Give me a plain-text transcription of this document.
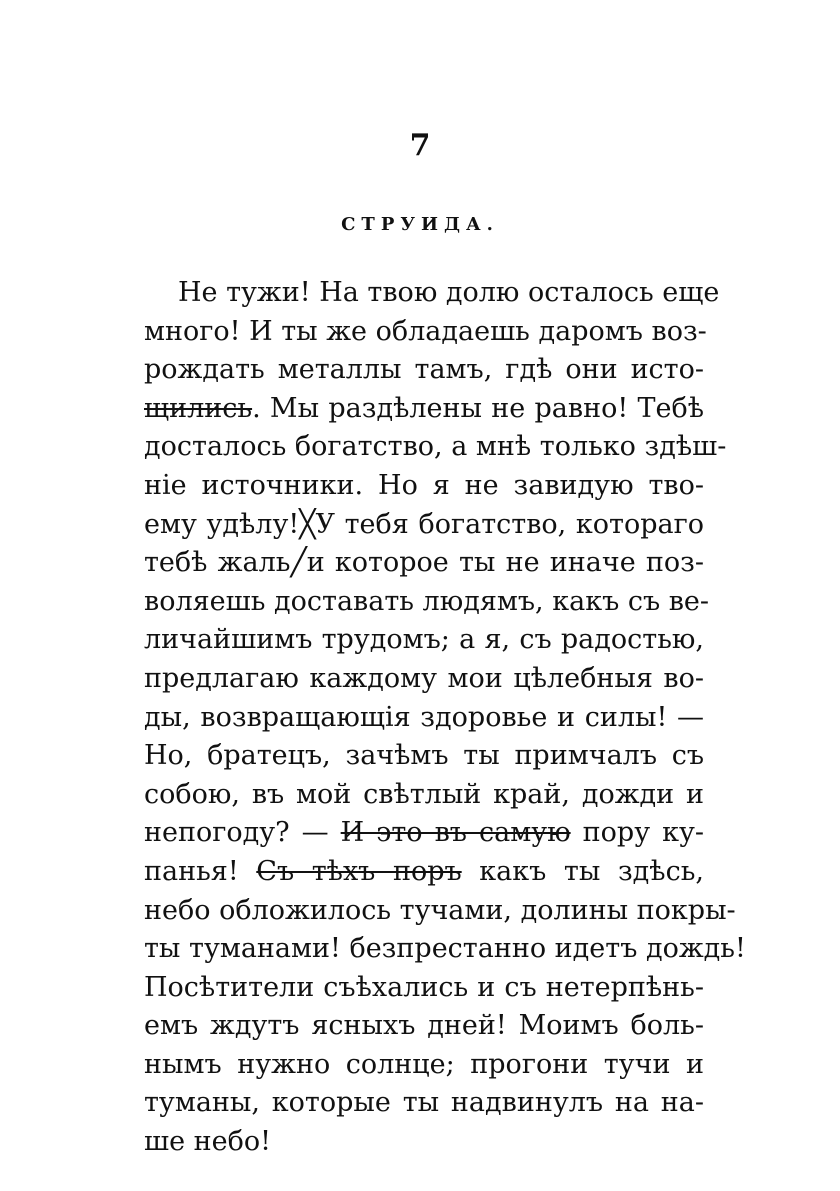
7
СТРУИДА.
Не тужи! На твою долю осталось еще
много! И ты же обладаешь даромъ воз-
рождать металлы тамъ, гдѣ они исто-
щились. Мы раздѣлены не равно! Тебѣ
досталось богатство, а мнѣ только здѣш-
ніе источники. Но я не завидую тво-
ему удѣлу!╳У тебя богатство, котораго
тебѣ жаль╱и которое ты не иначе поз-
воляешь доставать людямъ, какъ съ ве-
личайшимъ трудомъ; а я, съ радостью,
предлагаю каждому мои цѣлебныя во-
ды, возвращающія здоровье и силы! —
Но, братецъ, зачѣмъ ты примчалъ съ
собою, въ мой свѣтлый край, дожди и
непогоду? — И это въ самую пору ку-
панья! Съ тѣхъ поръ какъ ты здѣсь,
небо обложилось тучами, долины покры-
ты туманами! безпрестанно идетъ дождь!
Посѣтители съѣхались и съ нетерпѣнь-
емъ ждутъ ясныхъ дней! Моимъ боль-
нымъ нужно солнце; прогони тучи и
туманы, которые ты надвинулъ на на-
ше небо!
